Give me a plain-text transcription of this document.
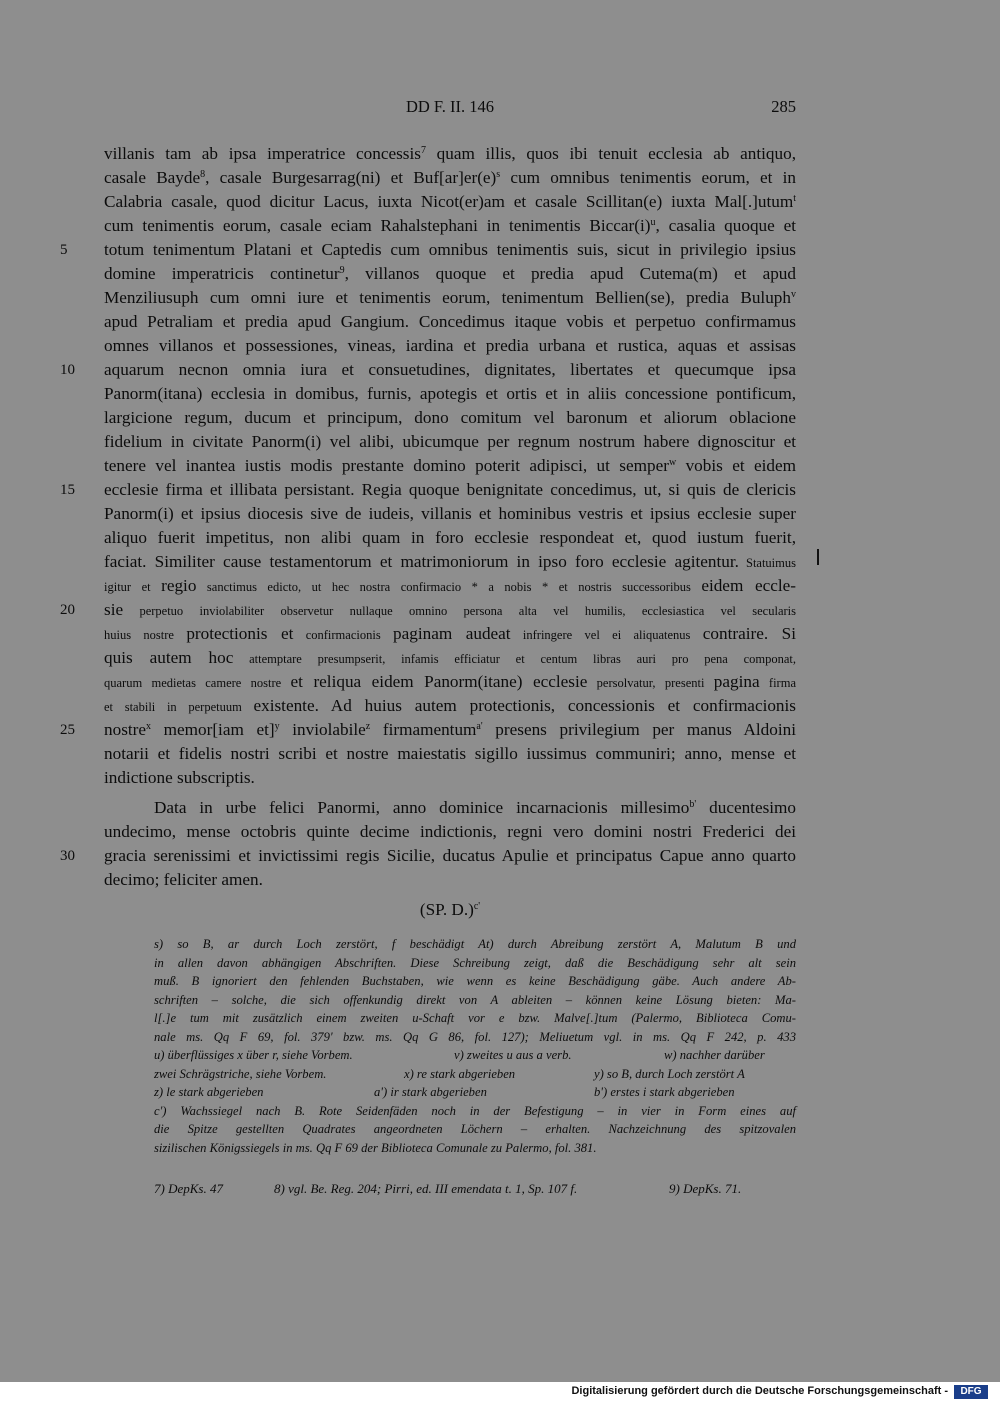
DD F. II. 146	285
villanis tam ab ipsa imperatrice concessis$^7$ quam illis, quos ibi tenuit ecclesia ab antiquo,
casale Bayde$^8$, casale Burgesarrag(ni) et $Buf[ar]er(e)^s$ cum omnibus tenimentis eorum, et in
Calabria casale, quod dicitur Lacus, iuxta Nicot(er)am et casale Scillitan(e) iuxta Mal[.]utum$^t$
cum tenimentis eorum, casale eciam Rahalstephani in tenimentis $Biccar(i)^u$, casalia quoque et
5	totum tenimentum Platani et Captedis cum omnibus tenimentis suis, sicut in privilegio ipsius
domine imperatricis continetur$^9$, villanos quoque et predia apud Cutema(m) et apud
Menziliusuph cum omni iure et tenimentis eorum, tenimentum Bellien(se), predia Buluph$^v$
apud Petraliam et predia apud Gangium. Concedimus itaque vobis et perpetuo confirmamus
omnes villanos et possessiones, vineas, iardina et predia urbana et rustica, aquas et assisas
10 aquarum necnon omnia iura et consuetudines, dignitates, libertates et quecumque ipsa
Panorm(itana) ecclesia in domibus, furnis, apotegis et ortis et in aliis concessione pontificum,
largicione regum, ducum et principum, dono comitum vel baronum et aliorum oblacione
fidelium in civitate Panorm(i) vel alibi, ubicumque per regnum nostrum habere dignoscitur et
tenere vel inantea iustis modis prestante domino poterit adipisci, ut semper$^w$ vobis et eidem
15 ecclesie firma et illibata persistant. Regia quoque benignitate concedimus, ut, si quis de clericis
Panorm(i) et ipsius diocesis sive de iudeis, villanis et hominibus vestris et ipsius ecclesie super
aliquo fuerit impetitus, non alibi quam in foro ecclesie respondeat et, quod iustum fuerit,
faciat. Similiter cause testamentorum et matrimoniorum in ipso foro ecclesie agitentur. Statuimus
igitur et regio sanctimus edicto, ut hec nostra confirmacio * a nobis * et nostris successoribus eidem eccle-
20 sie perpetuo inviolabiliter observetur nullaque omnino persona alta vel humilis, ecclesiastica vel secularis
huius nostre protectionis et confirmacionis paginam audeat infringere vel ei aliquatenus contraire. Si
quis autem hoc attemptare presumpserit, infamis efficiatur et centum libras auri pro pena componat,
quarum medietas camere nostre et reliqua eidem Panorm(itane) ecclesie persolvatur, presenti pagina firma
et stabili in perpetuum existente. Ad huius autem protectionis, concessionis et confirmacionis
25 nostre$^x$ memor[iam et]$^y$ inviolabile$^z$ firmamentum$^{a'}$ presens privilegium per manus Aldoini
notarii et fidelis nostri scribi et nostre maiestatis sigillo iussimus communiri; anno, mense et
indictione subscriptis.
Data in urbe felici Panormi, anno dominice incarnacionis millesimo$^{b'}$ ducentesimo
undecimo, mense octobris quinte decime indictionis, regni vero domini nostri Frederici dei
30 gracia serenissimi et invictissimi regis Sicilie, ducatus Apulie et principatus Capue anno quarto
decimo; feliciter amen.
(SP. D.)$^{c'}$
s) so B, ar durch Loch zerstört, f beschädigt At) durch Abreibung zerstört A, Malutum B und
in allen davon abhängigen Abschriften. Diese Schreibung zeigt, daß die Beschädigung sehr alt sein
muß. B ignoriert den fehlenden Buchstaben, wie wenn es keine Beschädigung gäbe. Auch andere Ab-
schriften – solche, die sich offenkundig direkt von A ableiten – können keine Lösung bieten: Ma-
l[.]e tum mit zusätzlich einem zweiten u-Schaft vor e bzw. Malve[.]tum (Palermo, Biblioteca Comu-
nale ms. Qq F 69, fol. 379' bzw. ms. Qq G 86, fol. 127); Meliuetum vgl. in ms. Qq F 242, p. 433
u) überflüssiges x über r, siehe Vorbem.	v) zweites u aus a verb.	w) nachher darüber
zwei Schrägstriche, siehe Vorbem.	x) re stark abgerieben	y) so B, durch Loch zerstört A
z) le stark abgerieben	a') ir stark abgerieben	b') erstes i stark abgerieben
c') Wachssiegel nach B. Rote Seidenfäden noch in der Befestigung – in vier in Form eines auf
die Spitze gestellten Quadrates angeordneten Löchern – erhalten. Nachzeichnung des spitzovalen
sizilischen Königssiegels in ms. Qq F 69 der Biblioteca Comunale zu Palermo, fol. 381.
7) DepKs. 47	8) vgl. Be. Reg. 204; Pirri, ed. III emendata t. 1, Sp. 107 f.	9) DepKs. 71.
Digitalisierung gefördert durch die Deutsche Forschungsgemeinschaft -	DFG
